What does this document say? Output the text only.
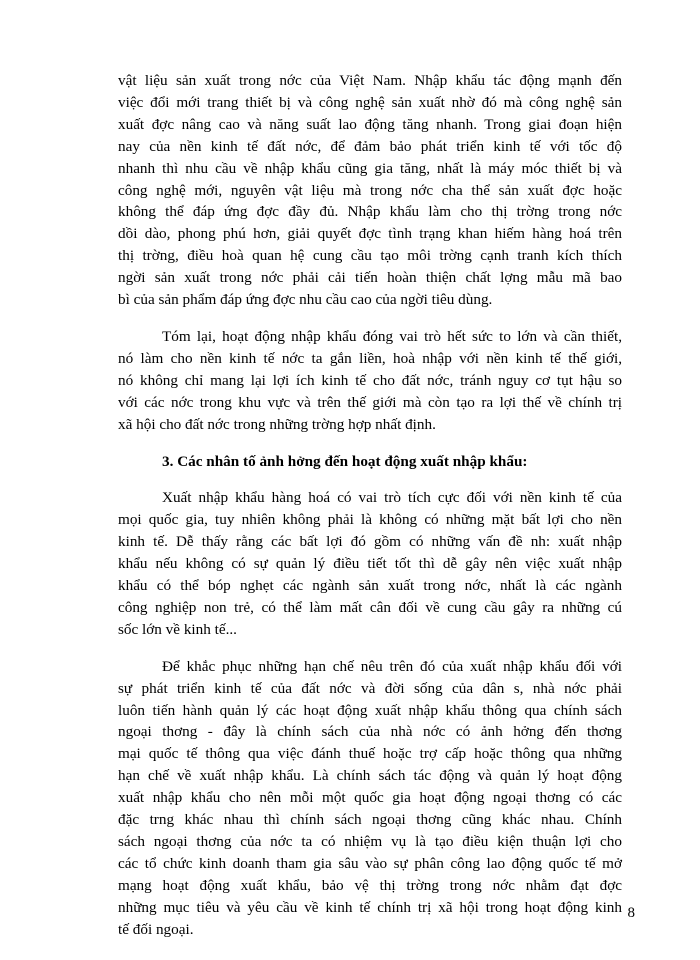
vật liệu sản xuất trong nớc của Việt Nam. Nhập khẩu tác động mạnh đến
việc đổi mới trang thiết bị và công nghệ sản xuất nhờ đó mà công nghệ sản
xuất đợc nâng cao và năng suất lao động tăng nhanh. Trong giai đoạn hiện
nay của nền kinh tế đất nớc, để đảm bảo phát triển kinh tế với tốc độ
nhanh thì nhu cầu về nhập khẩu cũng gia tăng, nhất là máy móc thiết bị và
công nghệ mới, nguyên vật liệu mà trong nớc cha thể sản xuất đợc hoặc
không thể đáp ứng đợc đầy đủ. Nhập khẩu làm cho thị trờng trong nớc
dồi dào, phong phú hơn, giải quyết đợc tình trạng khan hiếm hàng hoá trên
thị trờng, điều hoà quan hệ cung cầu tạo môi trờng cạnh tranh kích thích
ngời sản xuất trong nớc phải cải tiến hoàn thiện chất lợng mẫu mã bao
bì của sản phẩm đáp ứng đợc nhu cầu cao của ngời tiêu dùng.

Tóm lại, hoạt động nhập khẩu đóng vai trò hết sức to lớn và cần thiết,
nó làm cho nền kinh tế nớc ta gắn liền, hoà nhập với nền kinh tế thế giới,
nó không chỉ mang lại lợi ích kinh tế cho đất nớc, tránh nguy cơ tụt hậu so
với các nớc trong khu vực và trên thế giới mà còn tạo ra lợi thế về chính trị
xã hội cho đất nớc trong những trờng hợp nhất định.

3. Các nhân tố ảnh hởng đến hoạt động xuất nhập khẩu:

Xuất nhập khẩu hàng hoá có vai trò tích cực đối với nền kinh tế của
mọi quốc gia, tuy nhiên không phải là không có những mặt bất lợi cho nền
kinh tế. Dễ thấy rằng các bất lợi đó gồm có những vấn đề nh: xuất nhập
khẩu nếu không có sự quản lý điều tiết tốt thì dễ gây nên việc xuất nhập
khẩu có thể bóp nghẹt các ngành sản xuất trong nớc, nhất là các ngành
công nghiệp non trẻ, có thể làm mất cân đối về cung cầu gây ra những cú
sốc lớn về kinh tế...

Để khắc phục những hạn chế nêu trên đó của xuất nhập khẩu đối với
sự phát triển kinh tế của đất nớc và đời sống của dân s, nhà nớc phải
luôn tiến hành quản lý các hoạt động xuất nhập khẩu thông qua chính sách
ngoại thơng - đây là chính sách của nhà nớc có ảnh hởng đến thơng
mại quốc tế thông qua việc đánh thuế hoặc trợ cấp hoặc thông qua những
hạn chế về xuất nhập khẩu. Là chính sách tác động và quản lý hoạt động
xuất nhập khẩu cho nên mỗi một quốc gia hoạt động ngoại thơng có các
đặc trng khác nhau thì chính sách ngoại thơng cũng khác nhau. Chính
sách ngoại thơng của nớc ta có nhiệm vụ là tạo điều kiện thuận lợi cho
các tổ chức kinh doanh tham gia sâu vào sự phân công lao động quốc tế mở
mạng hoạt động xuất khẩu, bảo vệ thị trờng trong nớc nhằm đạt đợc
những mục tiêu và yêu cầu về kinh tế chính trị xã hội trong hoạt động kinh
tế đối ngoại.

8
